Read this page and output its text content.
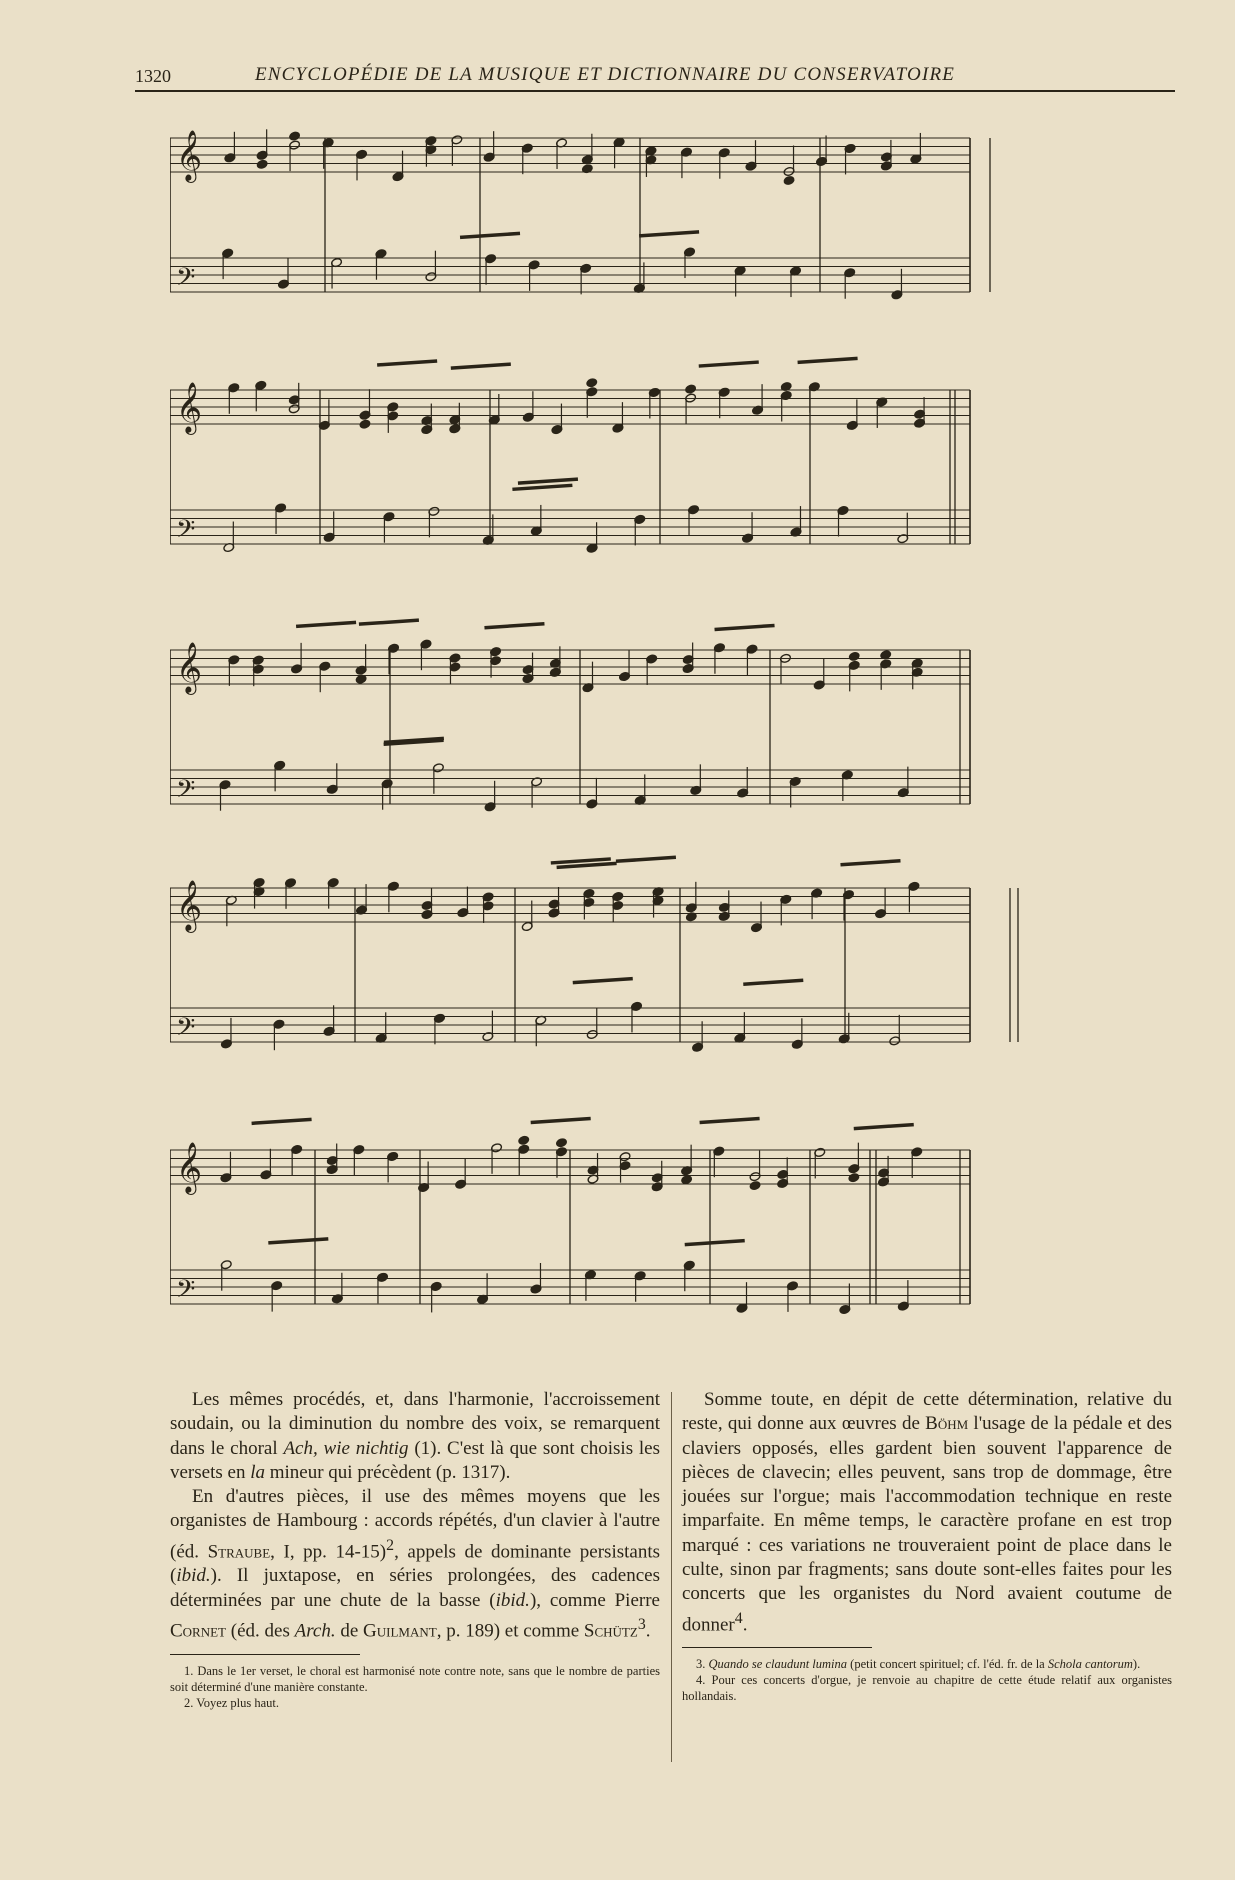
1320	ENCYCLOPÉDIE DE LA MUSIQUE ET DICTIONNAIRE DU CONSERVATOIRE
𝄞
𝄢
𝄞
𝄢
𝄞
𝄢
𝄞
𝄢
𝄞
𝄢

Les mêmes procédés, et, dans l'harmonie, l'accroissement soudain, ou la diminution du nombre des voix, se remarquent dans le choral Ach, wie nichtig (1). C'est là que sont choisis les versets en la mineur qui précèdent (p. 1317).

En d'autres pièces, il use des mêmes moyens que les organistes de Hambourg : accords répétés, d'un clavier à l'autre (éd. Straube, I, pp. 14-15)$^2$, appels de dominante persistants (ibid.). Il juxtapose, en séries prolongées, des cadences déterminées par une chute de la basse (ibid.), comme Pierre Cornet (éd. des Arch. de Guilmant, p. 189) et comme Schütz$^3$.

1. Dans le 1er verset, le choral est harmonisé note contre note, sans que le nombre de parties soit déterminé d'une manière constante.
2. Voyez plus haut.

Somme toute, en dépit de cette détermination, relative du reste, qui donne aux œuvres de Böhm l'usage de la pédale et des claviers opposés, elles gardent bien souvent l'apparence de pièces de clavecin; elles peuvent, sans trop de dommage, être jouées sur l'orgue; mais l'accommodation technique en reste imparfaite. En même temps, le caractère profane en est trop marqué : ces variations ne trouveraient point de place dans le culte, sinon par fragments; sans doute sont-elles faites pour les concerts que les organistes du Nord avaient coutume de donner$^4$.

3. Quando se claudunt lumina (petit concert spirituel; cf. l'éd. fr. de la Schola cantorum).
4. Pour ces concerts d'orgue, je renvoie au chapitre de cette étude relatif aux organistes hollandais.
